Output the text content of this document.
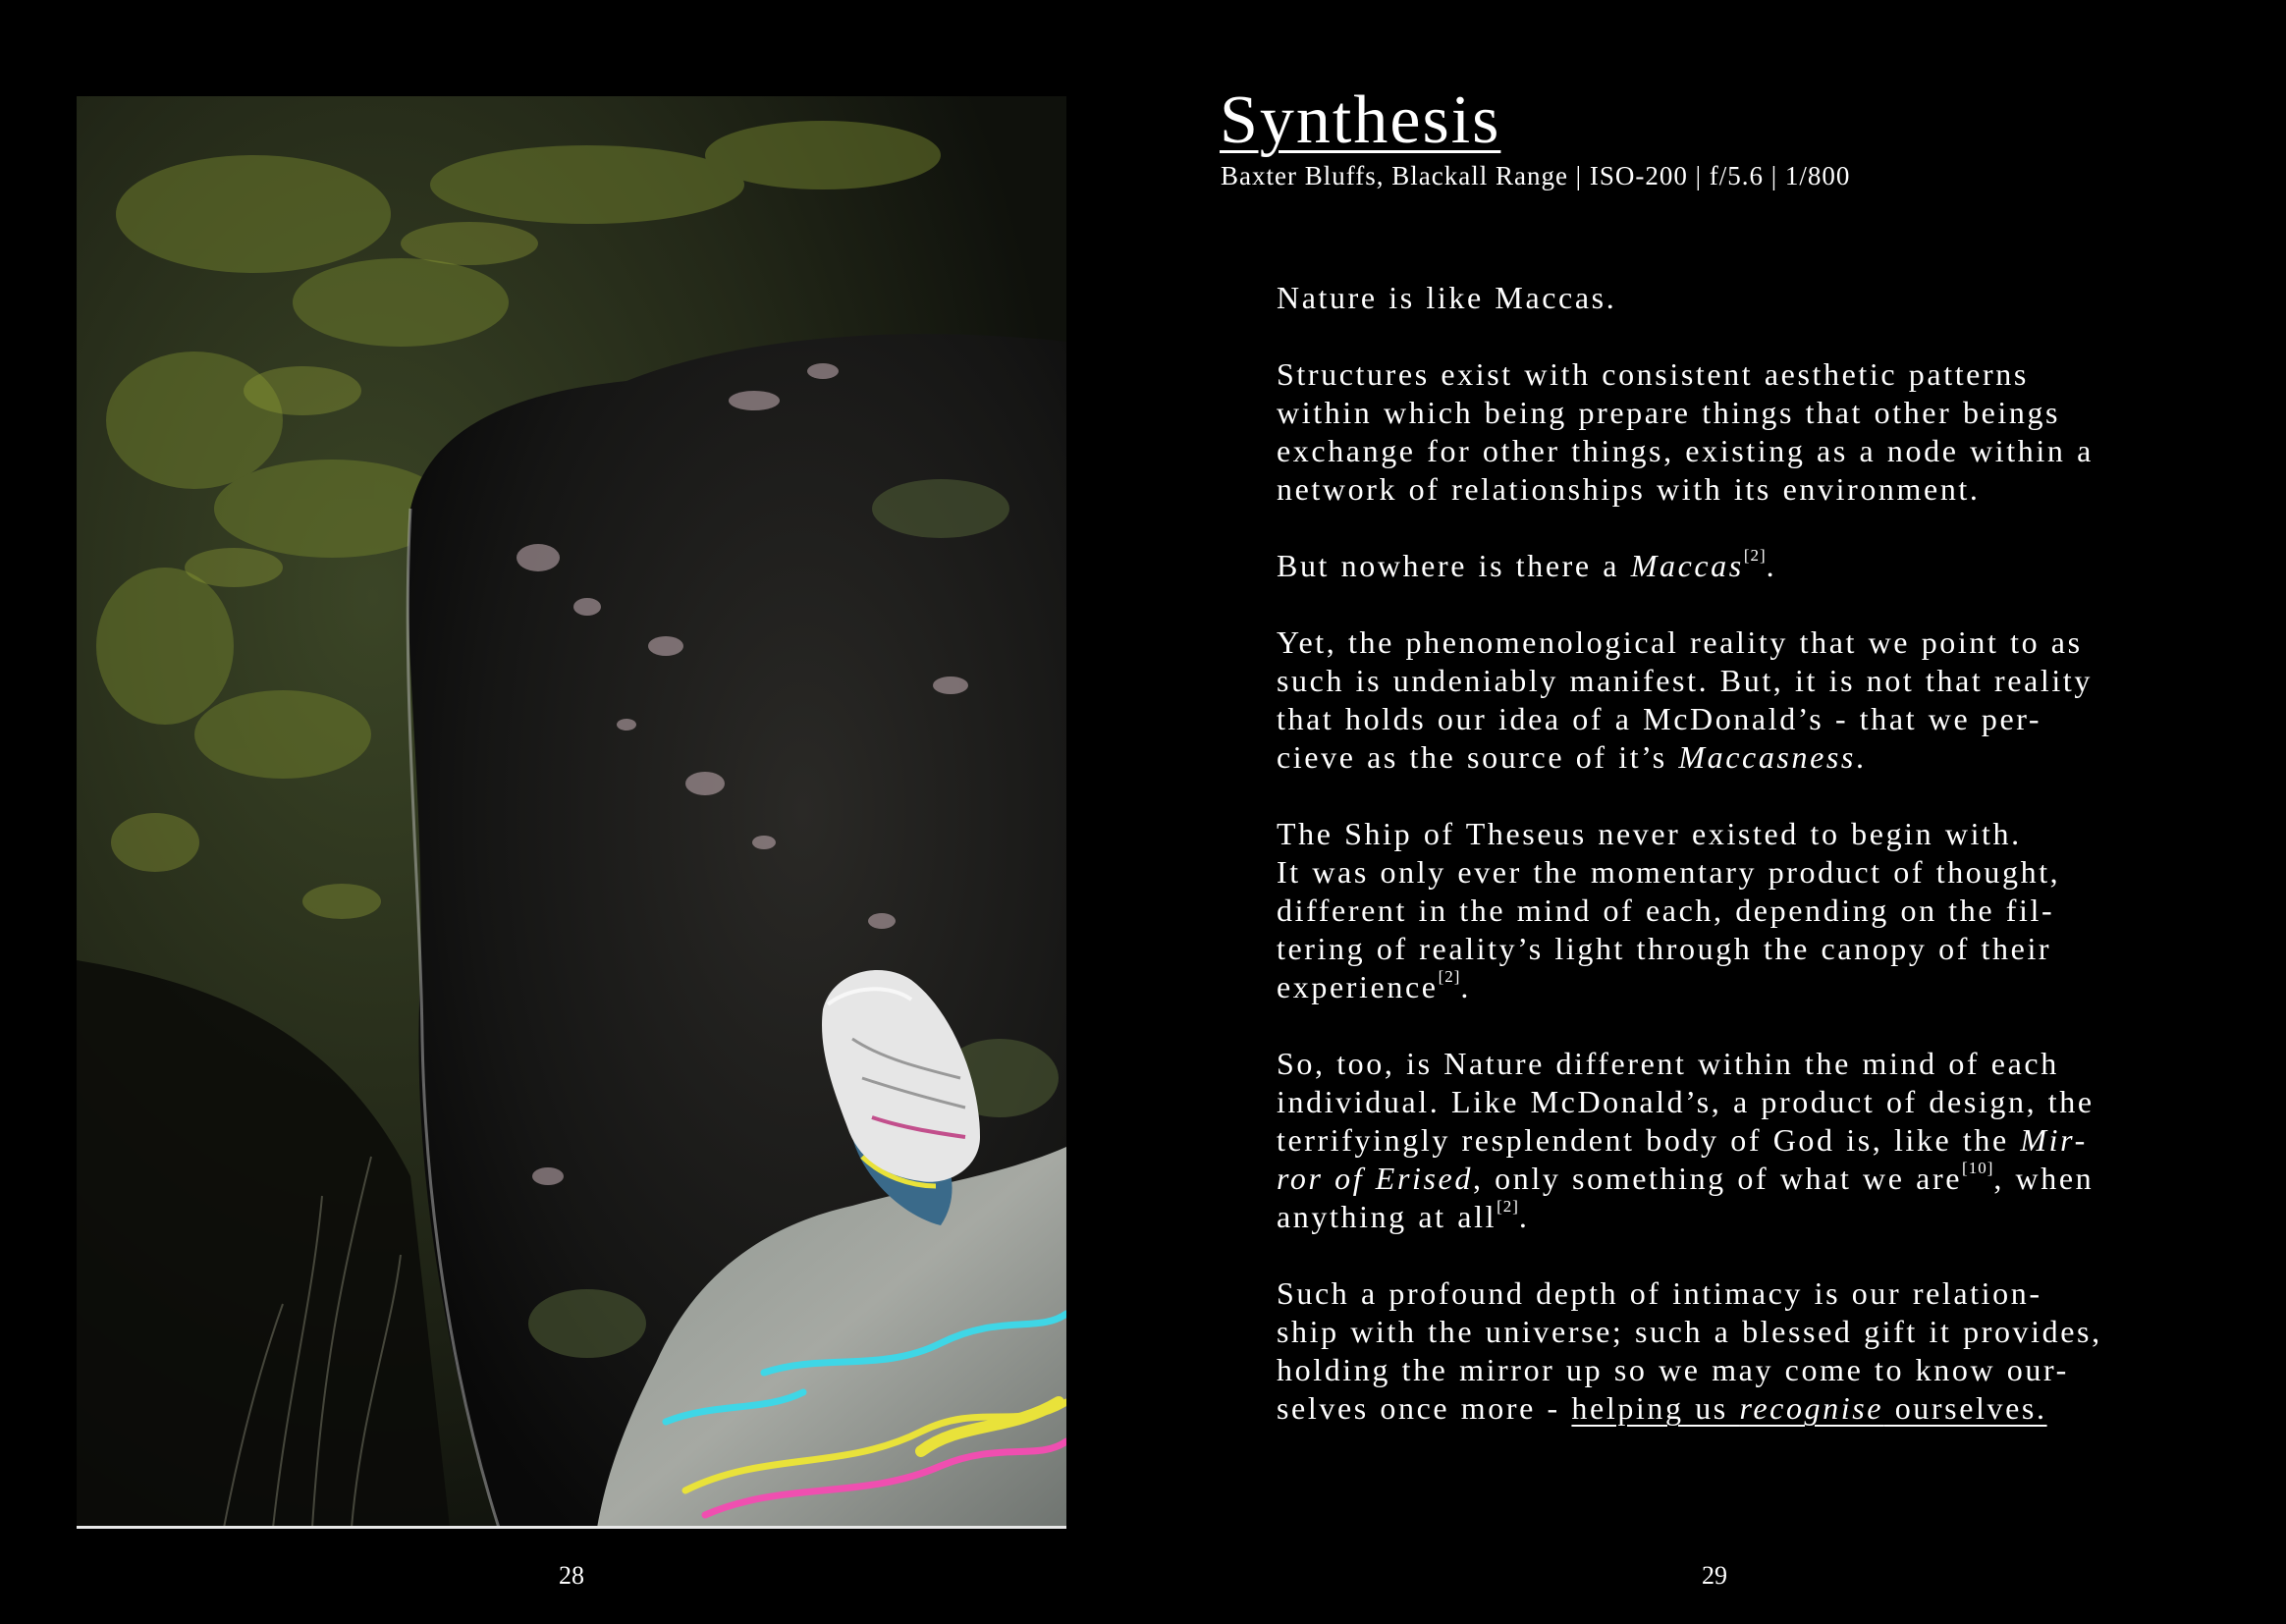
28
Synthesis
Baxter Bluffs, Blackall Range | ISO-200 | f/5.6 | 1/800

Nature is like Maccas.

Structures exist with consistent aesthetic patterns
within which being prepare things that other beings
exchange for other things, existing as a node within a
network of relationships with its environment.

But nowhere is there a Maccas[2].

Yet, the phenomenological reality that we point to as
such is undeniably manifest. But, it is not that reality
that holds our idea of a McDonald’s - that we per-
cieve as the source of it’s Maccasness.

The Ship of Theseus never existed to begin with.
It was only ever the momentary product of thought,
different in the mind of each, depending on the fil-
tering of reality’s light through the canopy of their
experience[2].

So, too, is Nature different within the mind of each
individual. Like McDonald’s, a product of design, the
terrifyingly resplendent body of God is, like the Mir-
ror of Erised, only something of what we are[10], when
anything at all[2].

Such a profound depth of intimacy is our relation-
ship with the universe; such a blessed gift it provides,
holding the mirror up so we may come to know our-
selves once more - helping us recognise ourselves.

29
